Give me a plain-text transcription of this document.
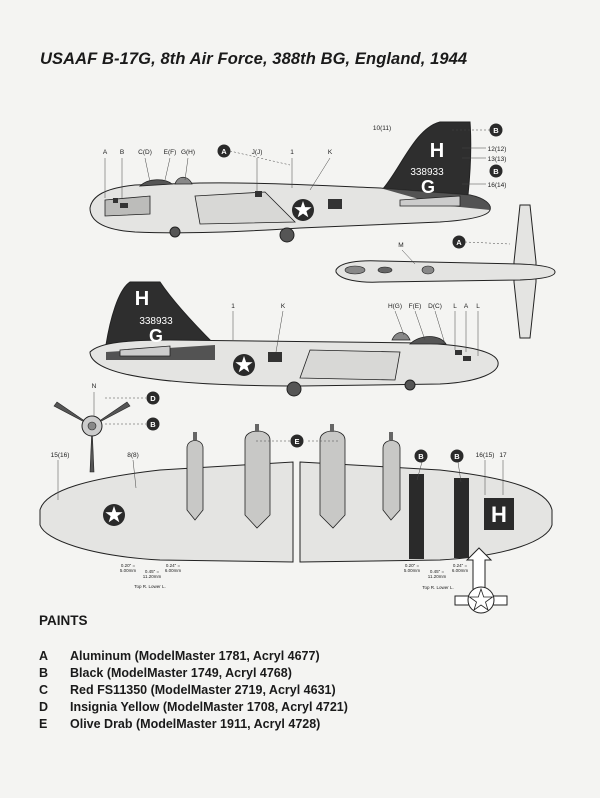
USAAF B-17G, 8th Air Force, 388th BG, England, 1944
H
338933
G
A B C(D) E(F) G(H)	J(J)	1	K
10(11)
12(12)
13(13)
16(14)
A
B
B
M	A
H
338933
G
1	K	H(G) F(E) D(C) L A L
N
D
B
15(16)	8(8)
0.20" =
5.00mm 0.45" =
11.20mm
0.24" =
6.00mm
Top R. Lower L.
H
16(15) 17
0.20" =
5.00mm 0.45" =
11.20mm
0.24" =
6.00mm
Top R. Lower L.
E
B	B
PAINTS
A	Aluminum (ModelMaster 1781, Acryl 4677)
B	Black (ModelMaster 1749, Acryl 4768)
C	Red FS11350 (ModelMaster 2719, Acryl 4631)
D	Insignia Yellow (ModelMaster 1708, Acryl 4721)
E	Olive Drab (ModelMaster 1911, Acryl 4728)
